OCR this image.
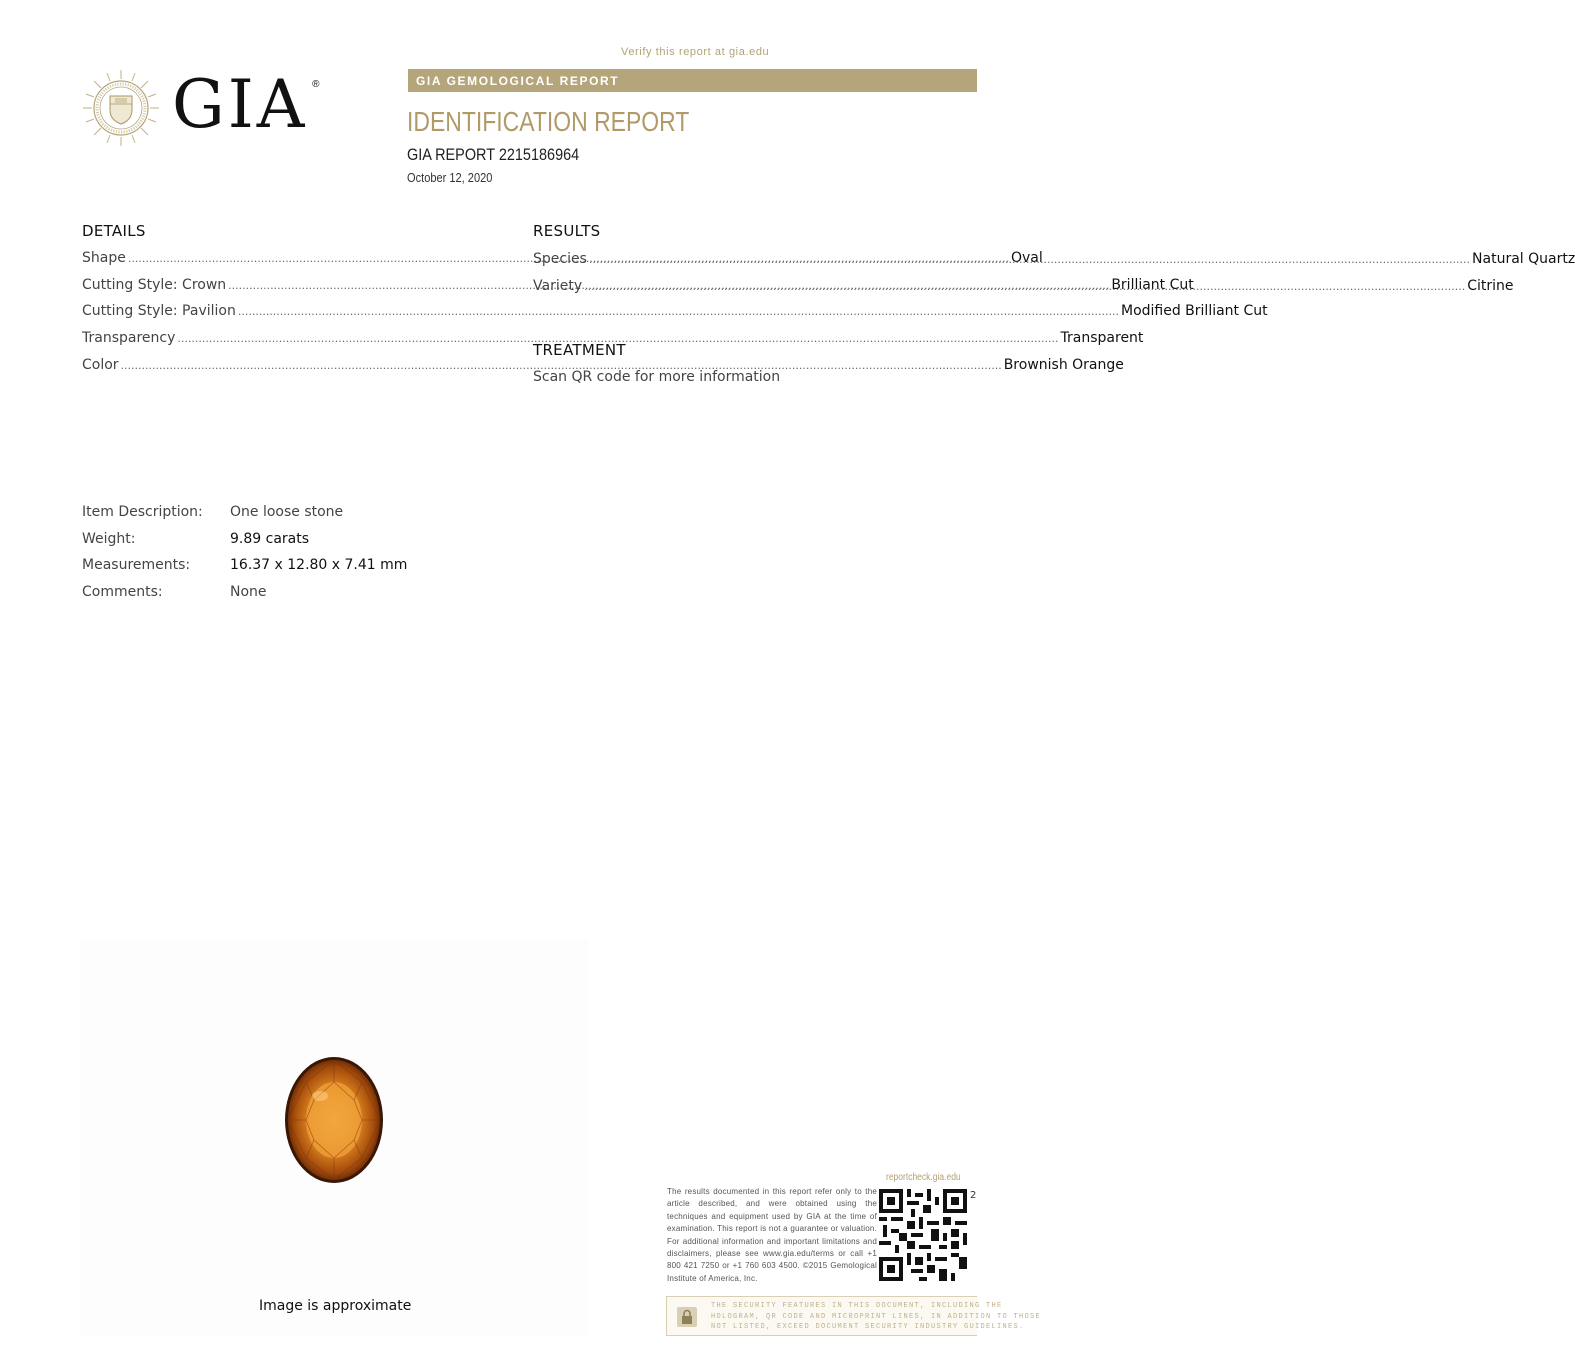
Verify this report at gia.edu
GIA ®	GIA GEMOLOGICAL REPORT
IDENTIFICATION REPORT
GIA REPORT 2215186964
October 12, 2020
DETAILS
Shape .....	Oval
Cutting Style: Crown .....	Brilliant Cut
Cutting Style: Pavilion .....	Modified Brilliant Cut
Transparency .....	Transparent
Color .....	Brownish Orange
RESULTS
Species .....	Natural Quartz
Variety .....	Citrine
TREATMENT
Scan QR code for more information
Item Description:	One loose stone
Weight:	9.89 carats
Measurements:	16.37 x 12.80 x 7.41 mm
Comments:	None
Image is approximate
reportcheck.gia.edu
The results documented in this report refer only to the article described, and were obtained using the techniques and equipment used by GIA at the time of examination. This report is not a guarantee or valuation. For additional information and important limitations and disclaimers, please see www.gia.edu/terms or call +1 800 421 7250 or +1 760 603 4500. ©2015 Gemological Institute of America, Inc.
2
THE SECURITY FEATURES IN THIS DOCUMENT, INCLUDING THE
HOLOGRAM, QR CODE AND MICROPRINT LINES, IN ADDITION TO THOSE
NOT LISTED, EXCEED DOCUMENT SECURITY INDUSTRY GUIDELINES.
